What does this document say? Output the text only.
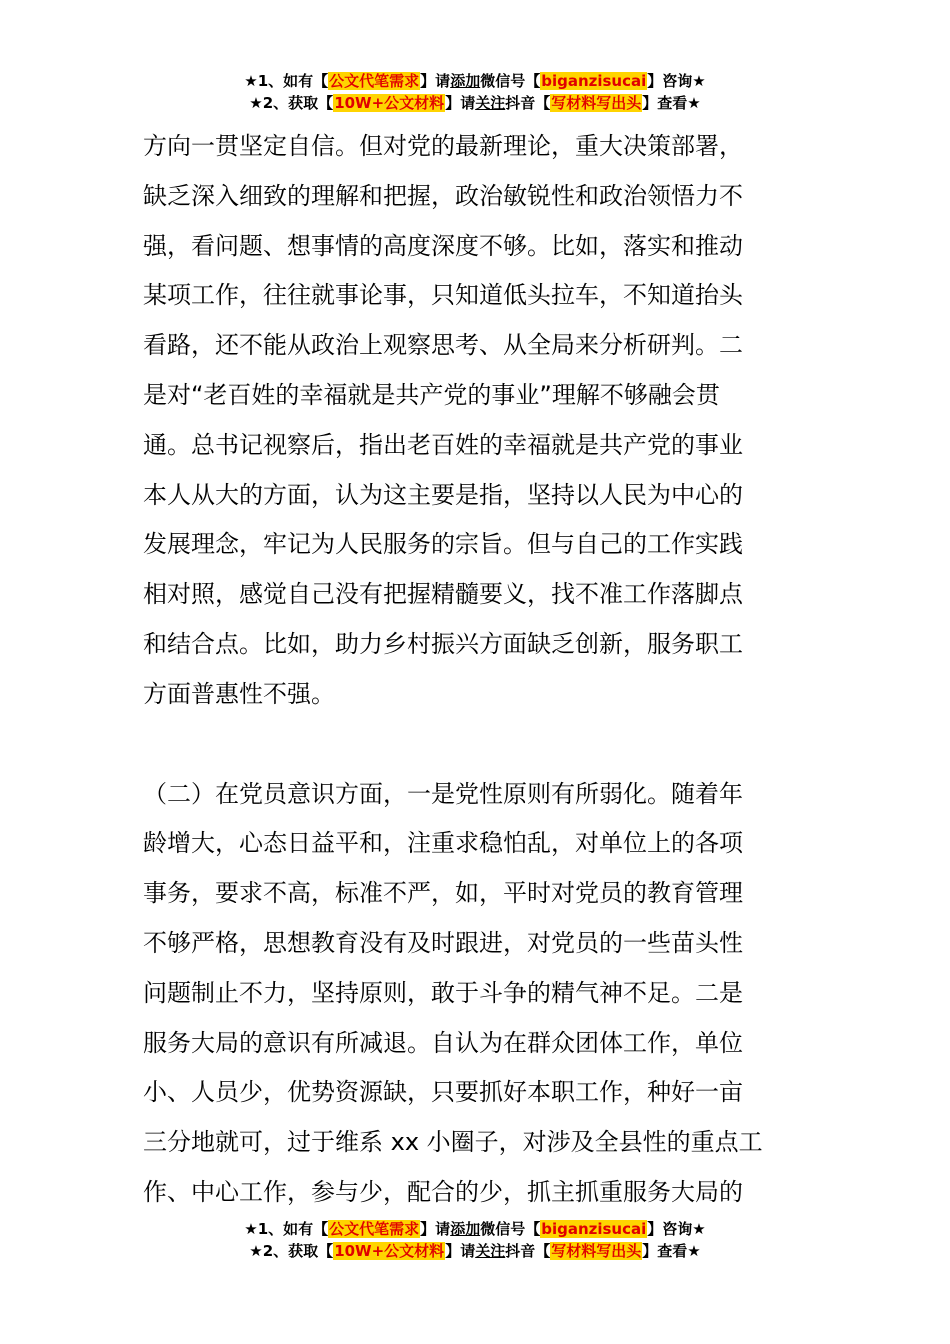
★1、如有【公文代笔需求】请添加微信号【biganzisucai】咨询★
★2、获取【10W+公文材料】请关注抖音【写材料写出头】查看★
方向一贯坚定自信。但对党的最新理论，重大决策部署，
缺乏深入细致的理解和把握，政治敏锐性和政治领悟力不
强，看问题、想事情的高度深度不够。比如，落实和推动
某项工作，往往就事论事，只知道低头拉车，不知道抬头
看路，还不能从政治上观察思考、从全局来分析研判。二
是对“老百姓的幸福就是共产党的事业”理解不够融会贯
通。总书记视察后，指出老百姓的幸福就是共产党的事业
本人从大的方面，认为这主要是指，坚持以人民为中心的
发展理念，牢记为人民服务的宗旨。但与自己的工作实践
相对照，感觉自己没有把握精髓要义，找不准工作落脚点
和结合点。比如，助力乡村振兴方面缺乏创新，服务职工
方面普惠性不强。
（二）在党员意识方面，一是党性原则有所弱化。随着年
龄增大，心态日益平和，注重求稳怕乱，对单位上的各项
事务，要求不高，标准不严，如，平时对党员的教育管理
不够严格，思想教育没有及时跟进，对党员的一些苗头性
问题制止不力，坚持原则，敢于斗争的精气神不足。二是
服务大局的意识有所减退。自认为在群众团体工作，单位
小、人员少，优势资源缺，只要抓好本职工作，种好一亩
三分地就可，过于维系 xx 小圈子，对涉及全县性的重点工
作、中心工作，参与少，配合的少，抓主抓重服务大局的
★1、如有【公文代笔需求】请添加微信号【biganzisucai】咨询★
★2、获取【10W+公文材料】请关注抖音【写材料写出头】查看★
